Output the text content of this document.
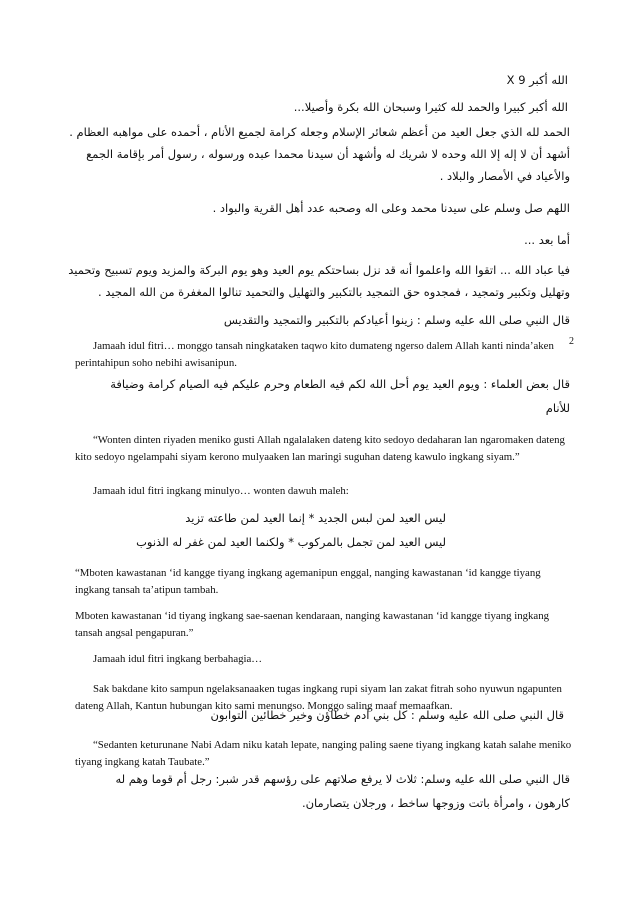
الله أكبر 9 X
الله أكبر كبيرا والحمد لله كثيرا وسبحان الله بكرة وأصيلا...
الحمد لله الذي جعل العيد من أعظم شعائر الإسلام وجعله كرامة لجميع الأنام ، أحمده على مواهبه العظام .
أشهد أن لا إله إلا الله وحده لا شريك له وأشهد أن سيدنا محمدا عبده ورسوله ، رسول أمر بإقامة الجمع
والأعياد في الأمصار والبلاد .
اللهم صل وسلم على سيدنا محمد وعلى اله وصحبه عدد أهل القرية والبواد .
أما بعد ...
فيا عباد الله ... اتقوا الله واعلموا أنه قد نزل بساحتكم يوم العيد وهو يوم البركة والمزيد ويوم تسبيح وتحميد
وتهليل وتكبير وتمجيد ، فمجدوه حق التمجيد بالتكبير والتهليل والتحميد تنالوا المغفرة من الله المجيد .
قال النبي صلى الله عليه وسلم : زينوا أعيادكم بالتكبير والتمجيد والتقديس
Jamaah idul fitri… monggo tansah ningkataken taqwo kito dumateng ngerso dalem Allah kanti ninda’aken perintahipun soho nebihi awisanipun.
2
قال بعض العلماء : ويوم العيد يوم أحل الله لكم فيه الطعام وحرم عليكم فيه الصيام كرامة وضيافة
للأنام
“Wonten dinten riyaden meniko gusti Allah ngalalaken dateng kito sedoyo dedaharan lan ngaromaken dateng kito sedoyo ngelampahi siyam kerono mulyaaken lan maringi suguhan dateng kawulo ingkang siyam.”
Jamaah idul fitri ingkang minulyo… wonten dawuh maleh:
ليس العيد لمن لبس الجديد * إنما العيد لمن طاعته تزيد
ليس العيد لمن تجمل بالمركوب * ولكنما العيد لمن غفر له الذنوب
“Mboten kawastanan ‘id kangge tiyang ingkang agemanipun enggal, nanging kawastanan ‘id kangge tiyang ingkang tansah ta’atipun tambah.
Mboten kawastanan ‘id tiyang ingkang sae-saenan kendaraan, nanging kawastanan ‘id kangge tiyang ingkang tansah angsal pengapuran.”
Jamaah idul fitri ingkang berbahagia…
Sak bakdane kito sampun ngelaksanaaken tugas ingkang rupi siyam lan zakat fitrah soho nyuwun ngapunten dateng Allah, Kantun hubungan kito sami menungso. Monggo saling maaf memaafkan.
قال النبي صلى الله عليه وسلم : كل بني آدم خطاؤن وخير خطائين التوابون
“Sedanten keturunane Nabi Adam niku katah lepate, nanging paling saene tiyang ingkang katah salahe meniko tiyang ingkang katah Taubate.”
قال النبي صلى الله عليه وسلم: ثلاث لا يرفع صلاتهم على رؤسهم قدر شبر: رجل أم قوما وهم له
كارهون ، وامرأة باتت وزوجها ساخط ، ورجلان يتصارمان.
